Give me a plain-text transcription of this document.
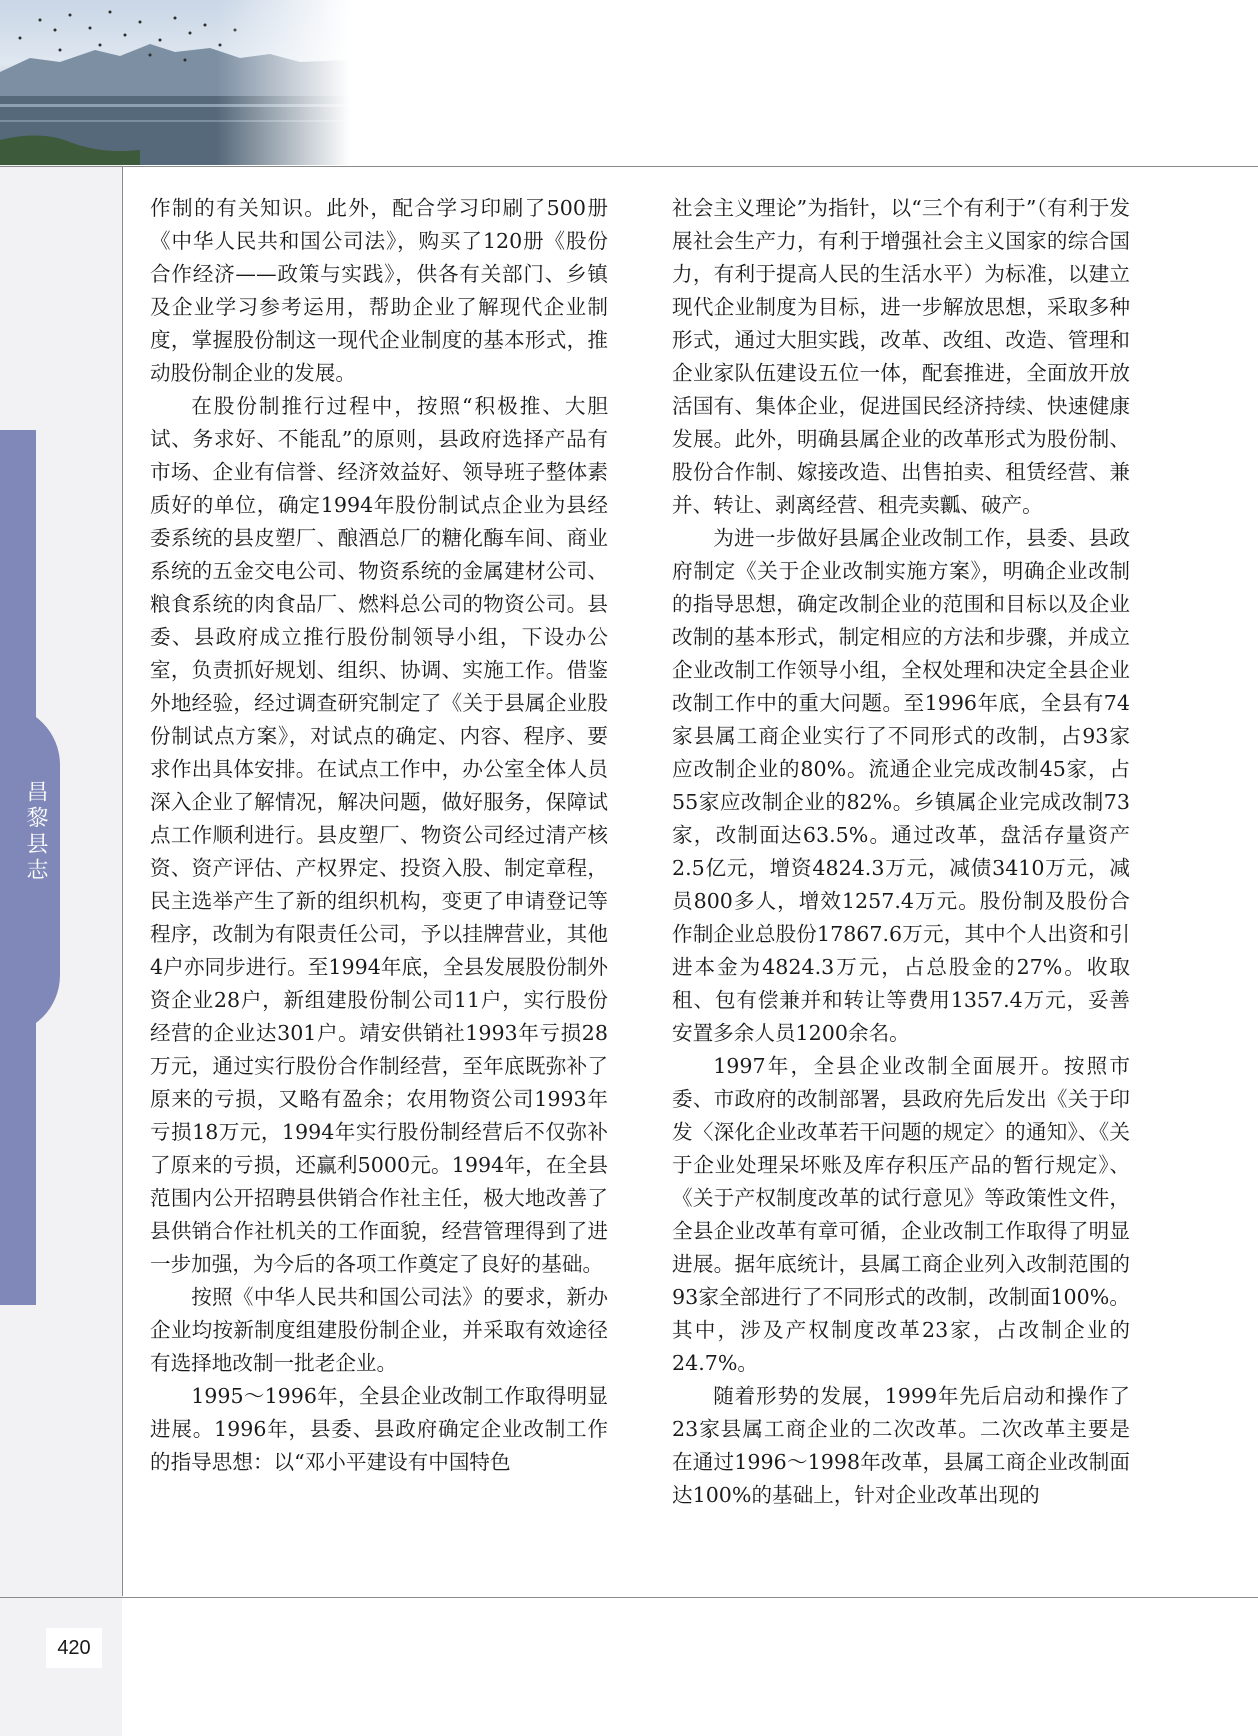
昌黎县志
420

作制的有关知识。此外，配合学习印刷了500册《中华人民共和国公司法》，购买了120册《股份合作经济——政策与实践》，供各有关部门、乡镇及企业学习参考运用，帮助企业了解现代企业制度，掌握股份制这一现代企业制度的基本形式，推动股份制企业的发展。

在股份制推行过程中，按照“积极推、大胆试、务求好、不能乱”的原则，县政府选择产品有市场、企业有信誉、经济效益好、领导班子整体素质好的单位，确定1994年股份制试点企业为县经委系统的县皮塑厂、酿酒总厂的糖化酶车间、商业系统的五金交电公司、物资系统的金属建材公司、粮食系统的肉食品厂、燃料总公司的物资公司。县委、县政府成立推行股份制领导小组，下设办公室，负责抓好规划、组织、协调、实施工作。借鉴外地经验，经过调查研究制定了《关于县属企业股份制试点方案》，对试点的确定、内容、程序、要求作出具体安排。在试点工作中，办公室全体人员深入企业了解情况，解决问题，做好服务，保障试点工作顺利进行。县皮塑厂、物资公司经过清产核资、资产评估、产权界定、投资入股、制定章程，民主选举产生了新的组织机构，变更了申请登记等程序，改制为有限责任公司，予以挂牌营业，其他4户亦同步进行。至1994年底，全县发展股份制外资企业28户，新组建股份制公司11户，实行股份经营的企业达301户。靖安供销社1993年亏损28万元，通过实行股份合作制经营，至年底既弥补了原来的亏损，又略有盈余；农用物资公司1993年亏损18万元，1994年实行股份制经营后不仅弥补了原来的亏损，还赢利5000元。1994年，在全县范围内公开招聘县供销合作社主任，极大地改善了县供销合作社机关的工作面貌，经营管理得到了进一步加强，为今后的各项工作奠定了良好的基础。

按照《中华人民共和国公司法》的要求，新办企业均按新制度组建股份制企业，并采取有效途径有选择地改制一批老企业。

1995～1996年，全县企业改制工作取得明显进展。1996年，县委、县政府确定企业改制工作的指导思想：以“邓小平建设有中国特色

社会主义理论”为指针，以“三个有利于”（有利于发展社会生产力，有利于增强社会主义国家的综合国力，有利于提高人民的生活水平）为标准，以建立现代企业制度为目标，进一步解放思想，采取多种形式，通过大胆实践，改革、改组、改造、管理和企业家队伍建设五位一体，配套推进，全面放开放活国有、集体企业，促进国民经济持续、快速健康发展。此外，明确县属企业的改革形式为股份制、股份合作制、嫁接改造、出售拍卖、租赁经营、兼并、转让、剥离经营、租壳卖瓤、破产。

为进一步做好县属企业改制工作，县委、县政府制定《关于企业改制实施方案》，明确企业改制的指导思想，确定改制企业的范围和目标以及企业改制的基本形式，制定相应的方法和步骤，并成立企业改制工作领导小组，全权处理和决定全县企业改制工作中的重大问题。至1996年底，全县有74家县属工商企业实行了不同形式的改制，占93家应改制企业的80%。流通企业完成改制45家，占55家应改制企业的82%。乡镇属企业完成改制73家，改制面达63.5%。通过改革，盘活存量资产2.5亿元，增资4824.3万元，减债3410万元，减员800多人，增效1257.4万元。股份制及股份合作制企业总股份17867.6万元，其中个人出资和引进本金为4824.3万元，占总股金的27%。收取租、包有偿兼并和转让等费用1357.4万元，妥善安置多余人员1200余名。

1997年，全县企业改制全面展开。按照市委、市政府的改制部署，县政府先后发出《关于印发〈深化企业改革若干问题的规定〉的通知》、《关于企业处理呆坏账及库存积压产品的暂行规定》、《关于产权制度改革的试行意见》等政策性文件，全县企业改革有章可循，企业改制工作取得了明显进展。据年底统计，县属工商企业列入改制范围的93家全部进行了不同形式的改制，改制面100%。其中，涉及产权制度改革23家，占改制企业的24.7%。

随着形势的发展，1999年先后启动和操作了23家县属工商企业的二次改革。二次改革主要是在通过1996～1998年改革，县属工商企业改制面达100%的基础上，针对企业改革出现的
